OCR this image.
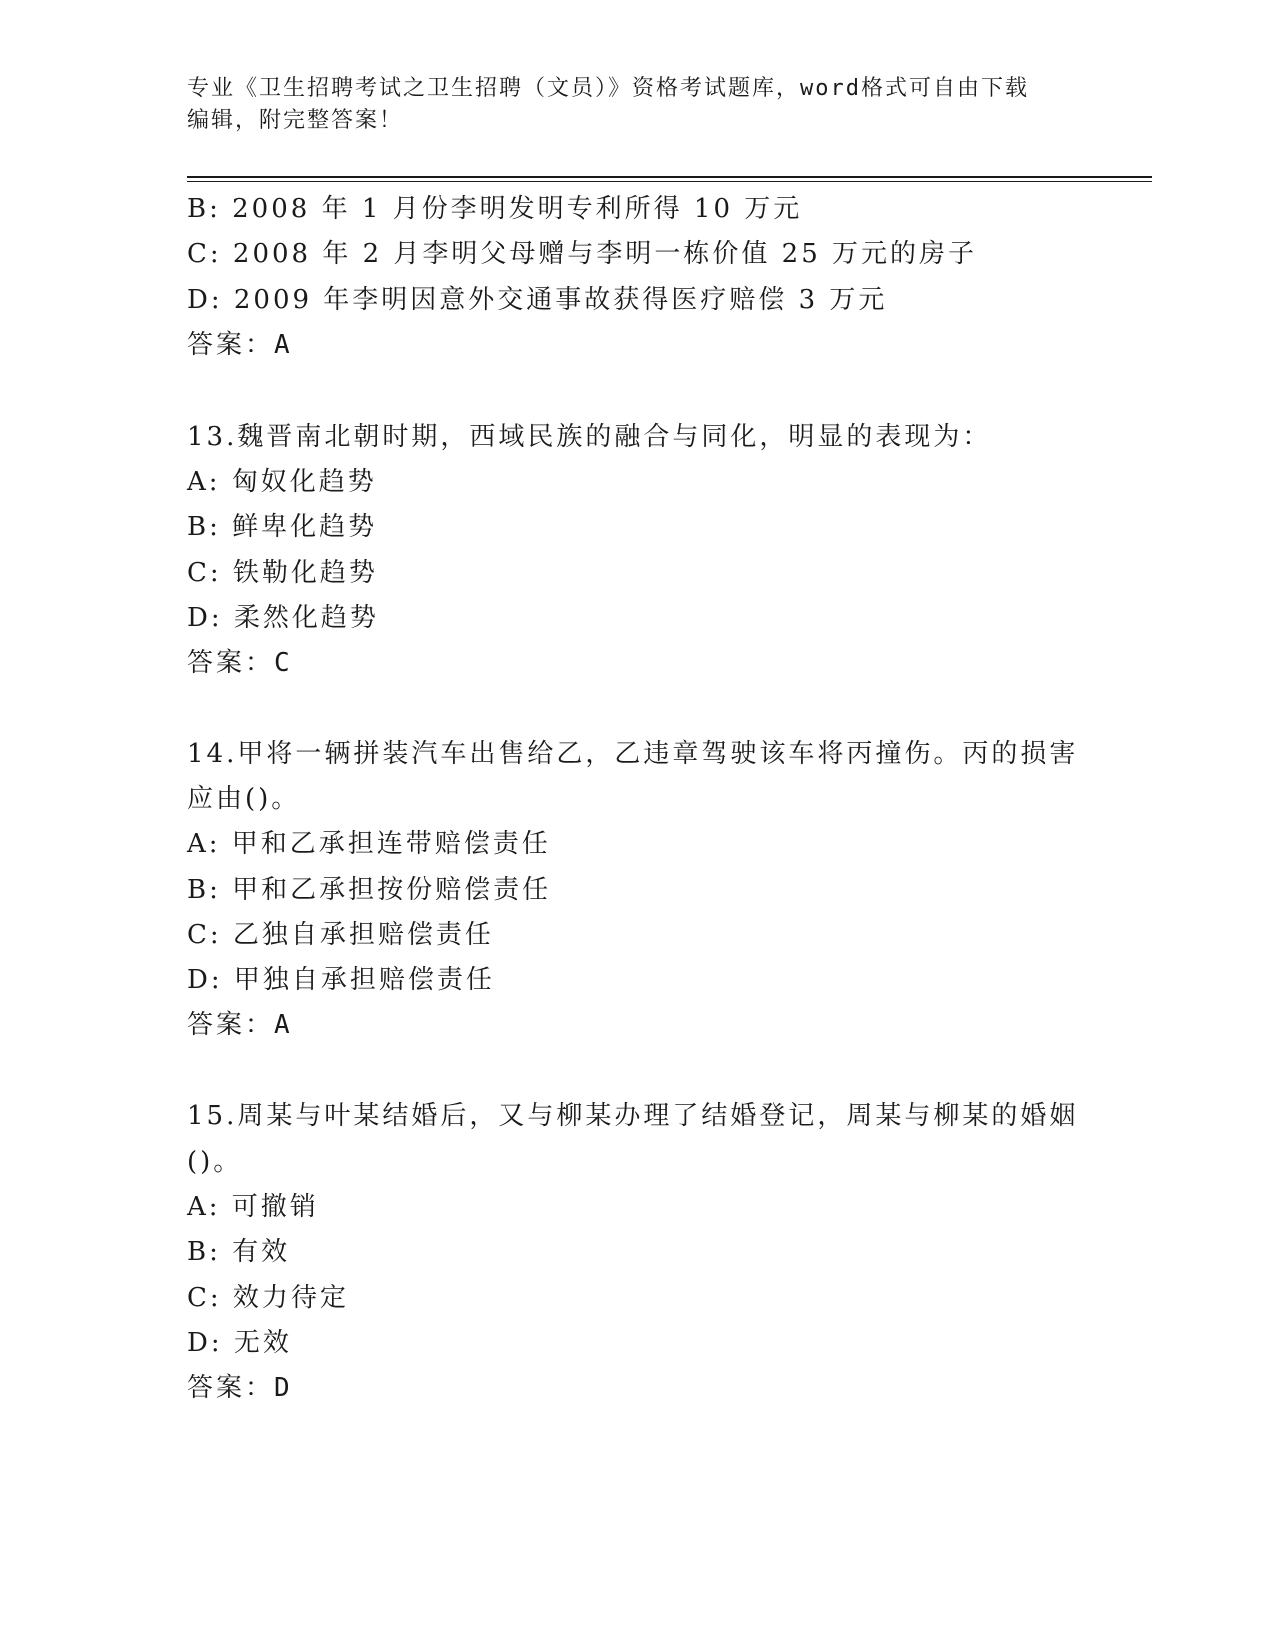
专业《卫生招聘考试之卫生招聘（文员）》资格考试题库，word格式可自由下载
编辑，附完整答案！
B: 2008 年 1 月份李明发明专利所得 10 万元
C: 2008 年 2 月李明父母赠与李明一栋价值 25 万元的房子
D: 2009 年李明因意外交通事故获得医疗赔偿 3 万元
答案：A
13.魏晋南北朝时期，西域民族的融合与同化，明显的表现为：
A: 匈奴化趋势
B: 鲜卑化趋势
C: 铁勒化趋势
D: 柔然化趋势
答案：C
14.甲将一辆拼装汽车出售给乙，乙违章驾驶该车将丙撞伤。丙的损害
应由()。
A: 甲和乙承担连带赔偿责任
B: 甲和乙承担按份赔偿责任
C: 乙独自承担赔偿责任
D: 甲独自承担赔偿责任
答案：A
15.周某与叶某结婚后，又与柳某办理了结婚登记，周某与柳某的婚姻
()。
A: 可撤销
B: 有效
C: 效力待定
D: 无效
答案：D
